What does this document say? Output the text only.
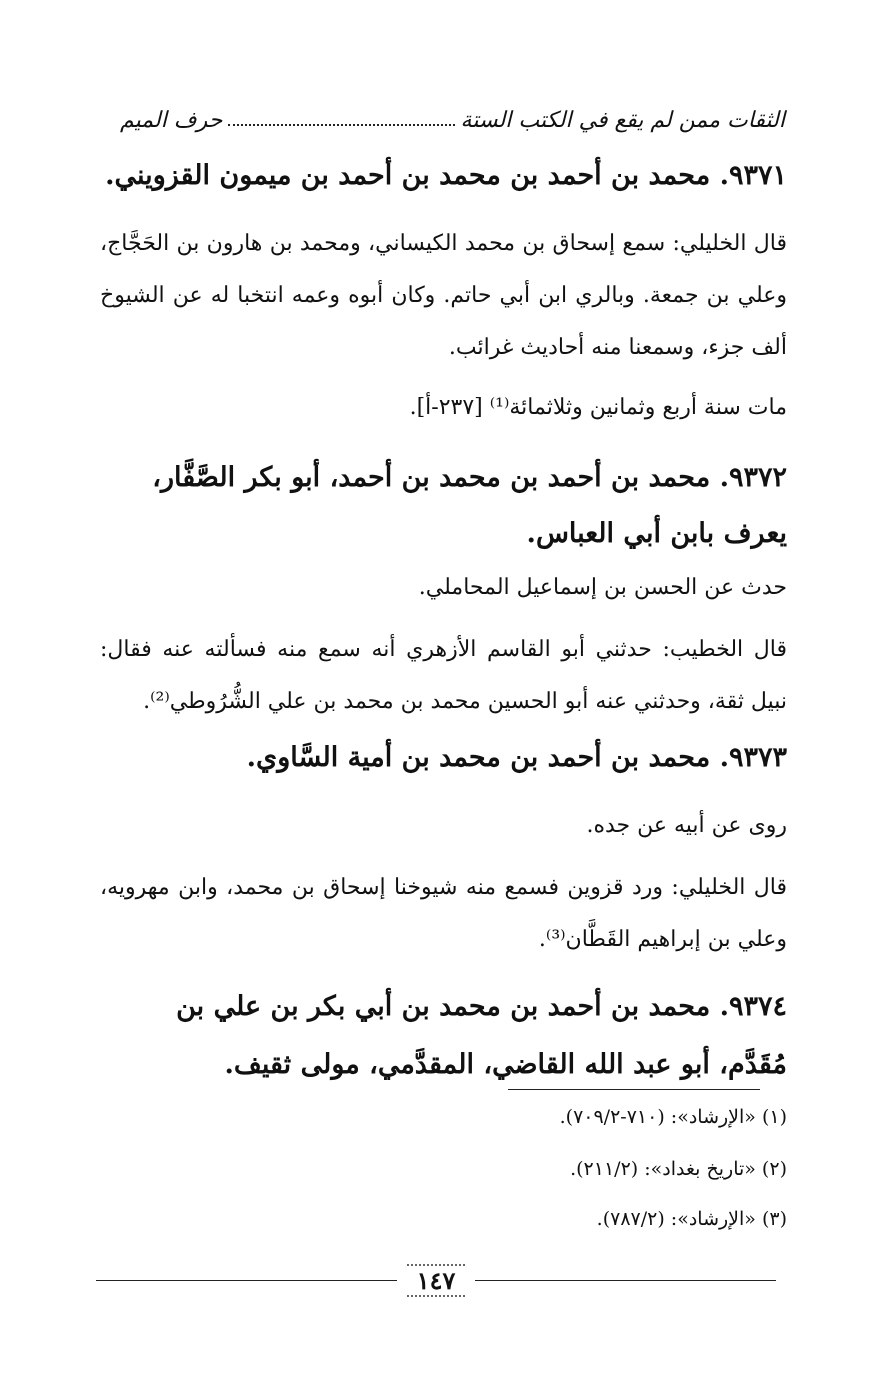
حرف الميم	الثقات ممن لم يقع في الكتب الستة
٩٣٧١. محمد بن أحمد بن محمد بن أحمد بن ميمون القزويني.
قال الخليلي: سمع إسحاق بن محمد الكيساني، ومحمد بن هارون بن الحَجَّاج، وعلي بن جمعة. وبالري ابن أبي حاتم. وكان أبوه وعمه انتخبا له عن الشيوخ ألف جزء، وسمعنا منه أحاديث غرائب.
مات سنة أربع وثمانين وثلاثمائة⁽¹⁾ [٢٣٧-أ].
٩٣٧٢. محمد بن أحمد بن محمد بن أحمد، أبو بكر الصَّفَّار، يعرف بابن أبي العباس.
حدث عن الحسن بن إسماعيل المحاملي.
قال الخطيب: حدثني أبو القاسم الأزهري أنه سمع منه فسألته عنه فقال: نبيل ثقة، وحدثني عنه أبو الحسين محمد بن محمد بن علي الشُّرُوطي⁽²⁾.
٩٣٧٣. محمد بن أحمد بن محمد بن أمية السَّاوي.
روى عن أبيه عن جده.
قال الخليلي: ورد قزوين فسمع منه شيوخنا إسحاق بن محمد، وابن مهرويه، وعلي بن إبراهيم القَطَّان⁽³⁾.
٩٣٧٤. محمد بن أحمد بن محمد بن أبي بكر بن علي بن مُقَدَّم، أبو عبد الله القاضي، المقدَّمي، مولى ثقيف.
(١) «الإرشاد»: (٧١٠-٧٠٩/٢).
(٢) «تاريخ بغداد»: (٢١١/٢).
(٣) «الإرشاد»: (٧٨٧/٢).
١٤٧
